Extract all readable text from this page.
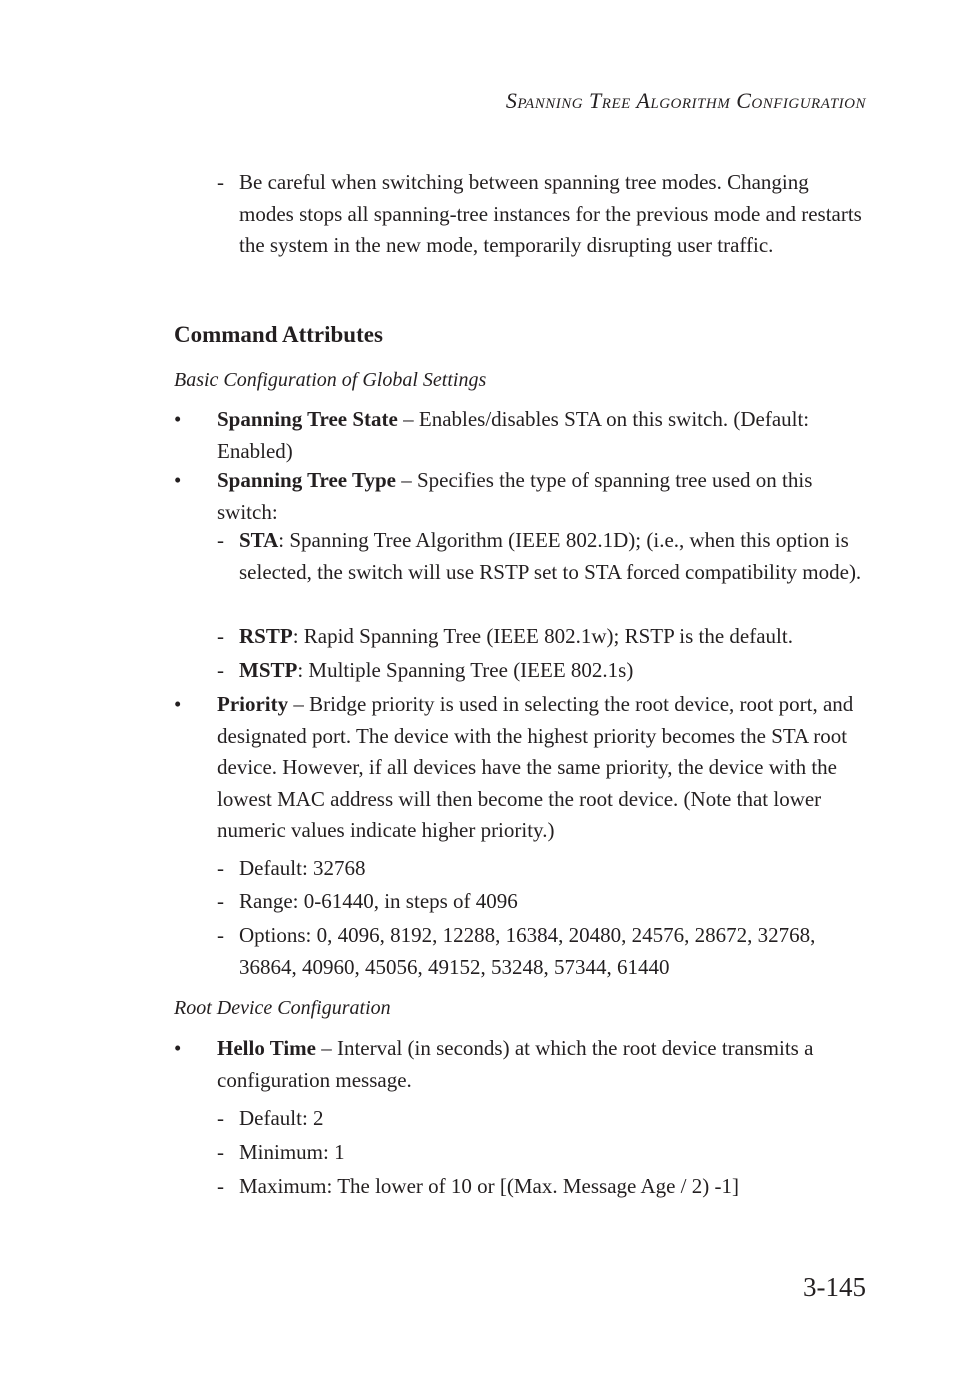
Spanning Tree Algorithm Configuration
- Be careful when switching between spanning tree modes. Changing modes stops all spanning-tree instances for the previous mode and restarts the system in the new mode, temporarily disrupting user traffic.
Command Attributes
Basic Configuration of Global Settings
• Spanning Tree State – Enables/disables STA on this switch. (Default: Enabled)
• Spanning Tree Type – Specifies the type of spanning tree used on this switch:
- STA: Spanning Tree Algorithm (IEEE 802.1D); (i.e., when this option is selected, the switch will use RSTP set to STA forced compatibility mode).
- RSTP: Rapid Spanning Tree (IEEE 802.1w); RSTP is the default.
- MSTP: Multiple Spanning Tree (IEEE 802.1s)
• Priority – Bridge priority is used in selecting the root device, root port, and designated port. The device with the highest priority becomes the STA root device. However, if all devices have the same priority, the device with the lowest MAC address will then become the root device. (Note that lower numeric values indicate higher priority.)
- Default: 32768
- Range: 0-61440, in steps of 4096
- Options: 0, 4096, 8192, 12288, 16384, 20480, 24576, 28672, 32768, 36864, 40960, 45056, 49152, 53248, 57344, 61440
Root Device Configuration
• Hello Time – Interval (in seconds) at which the root device transmits a configuration message.
- Default: 2
- Minimum: 1
- Maximum: The lower of 10 or [(Max. Message Age / 2) -1]
3-145
